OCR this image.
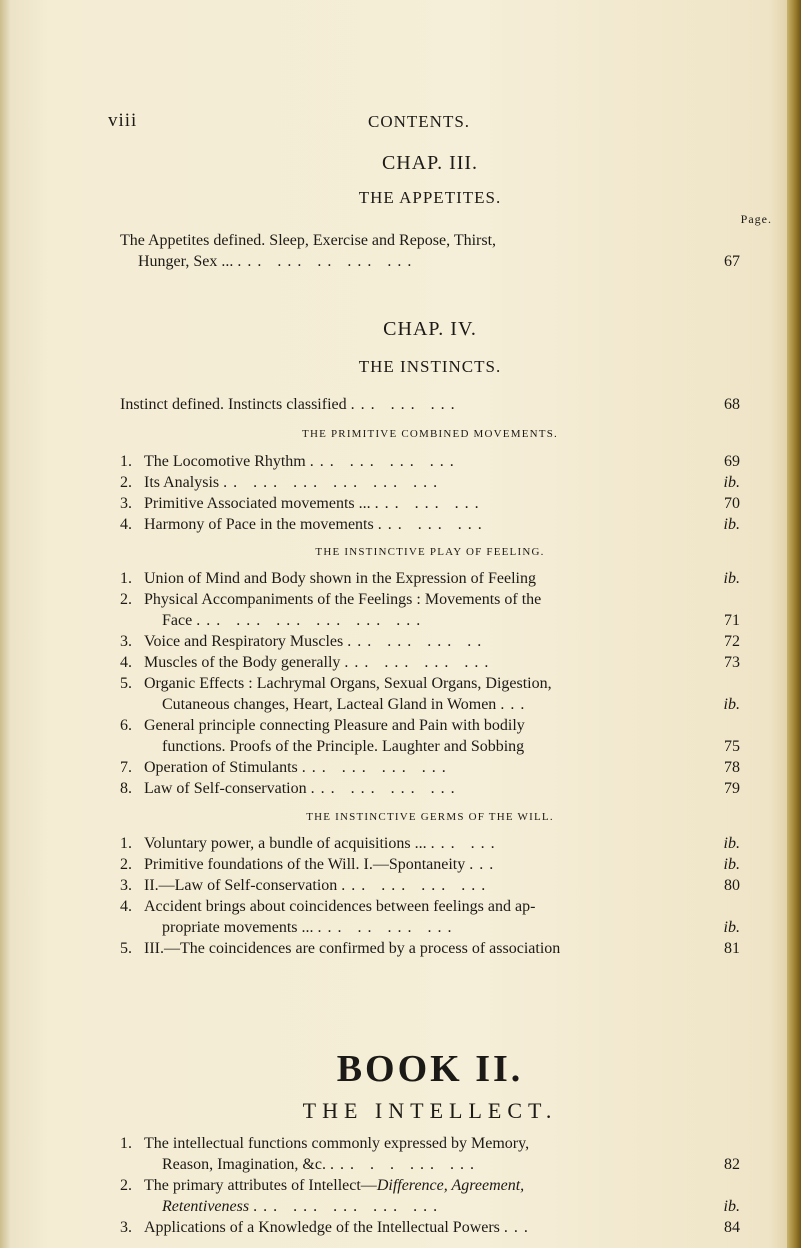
viii	CONTENTS.
CHAP. III.
THE APPETITES.
Page.
The Appetites defined. Sleep, Exercise and Repose, Thirst,
Hunger, Sex ... ... ... .. ... ...	67
CHAP. IV.
THE INSTINCTS.
Instinct defined. Instincts classified ... ... ...	68
THE PRIMITIVE COMBINED MOVEMENTS.
1. The Locomotive Rhythm ... ... ... ...	69
2. Its Analysis .. ... ... ... ... ...	ib.
3. Primitive Associated movements ... ... ... ...	70
4. Harmony of Pace in the movements ... ... ...	ib.
THE INSTINCTIVE PLAY OF FEELING.
1. Union of Mind and Body shown in the Expression of Feeling	ib.
2. Physical Accompaniments of the Feelings : Movements of the
Face ... ... ... ... ... ...	71
3. Voice and Respiratory Muscles ... ... ... ..	72
4. Muscles of the Body generally ... ... ... ...	73
5. Organic Effects : Lachrymal Organs, Sexual Organs, Digestion,
Cutaneous changes, Heart, Lacteal Gland in Women ...	ib.
6. General principle connecting Pleasure and Pain with bodily
functions. Proofs of the Principle. Laughter and Sobbing	75
7. Operation of Stimulants ... ... ... ...	78
8. Law of Self-conservation ... ... ... ...	79
THE INSTINCTIVE GERMS OF THE WILL.
1. Voluntary power, a bundle of acquisitions ... ... ...	ib.
2. Primitive foundations of the Will. I.—Spontaneity ...	ib.
3. II.—Law of Self-conservation ... ... ... ...	80
4. Accident brings about coincidences between feelings and ap-
propriate movements ... ... .. ... ...	ib.
5. III.—The coincidences are confirmed by a process of association	81
BOOK II.
THE INTELLECT.
1. The intellectual functions commonly expressed by Memory,
Reason, Imagination, &c. ... . . ... ...	82
2. The primary attributes of Intellect—Difference, Agreement,
Retentiveness ... ... ... ... ...	ib.
3. Applications of a Knowledge of the Intellectual Powers ...	84
